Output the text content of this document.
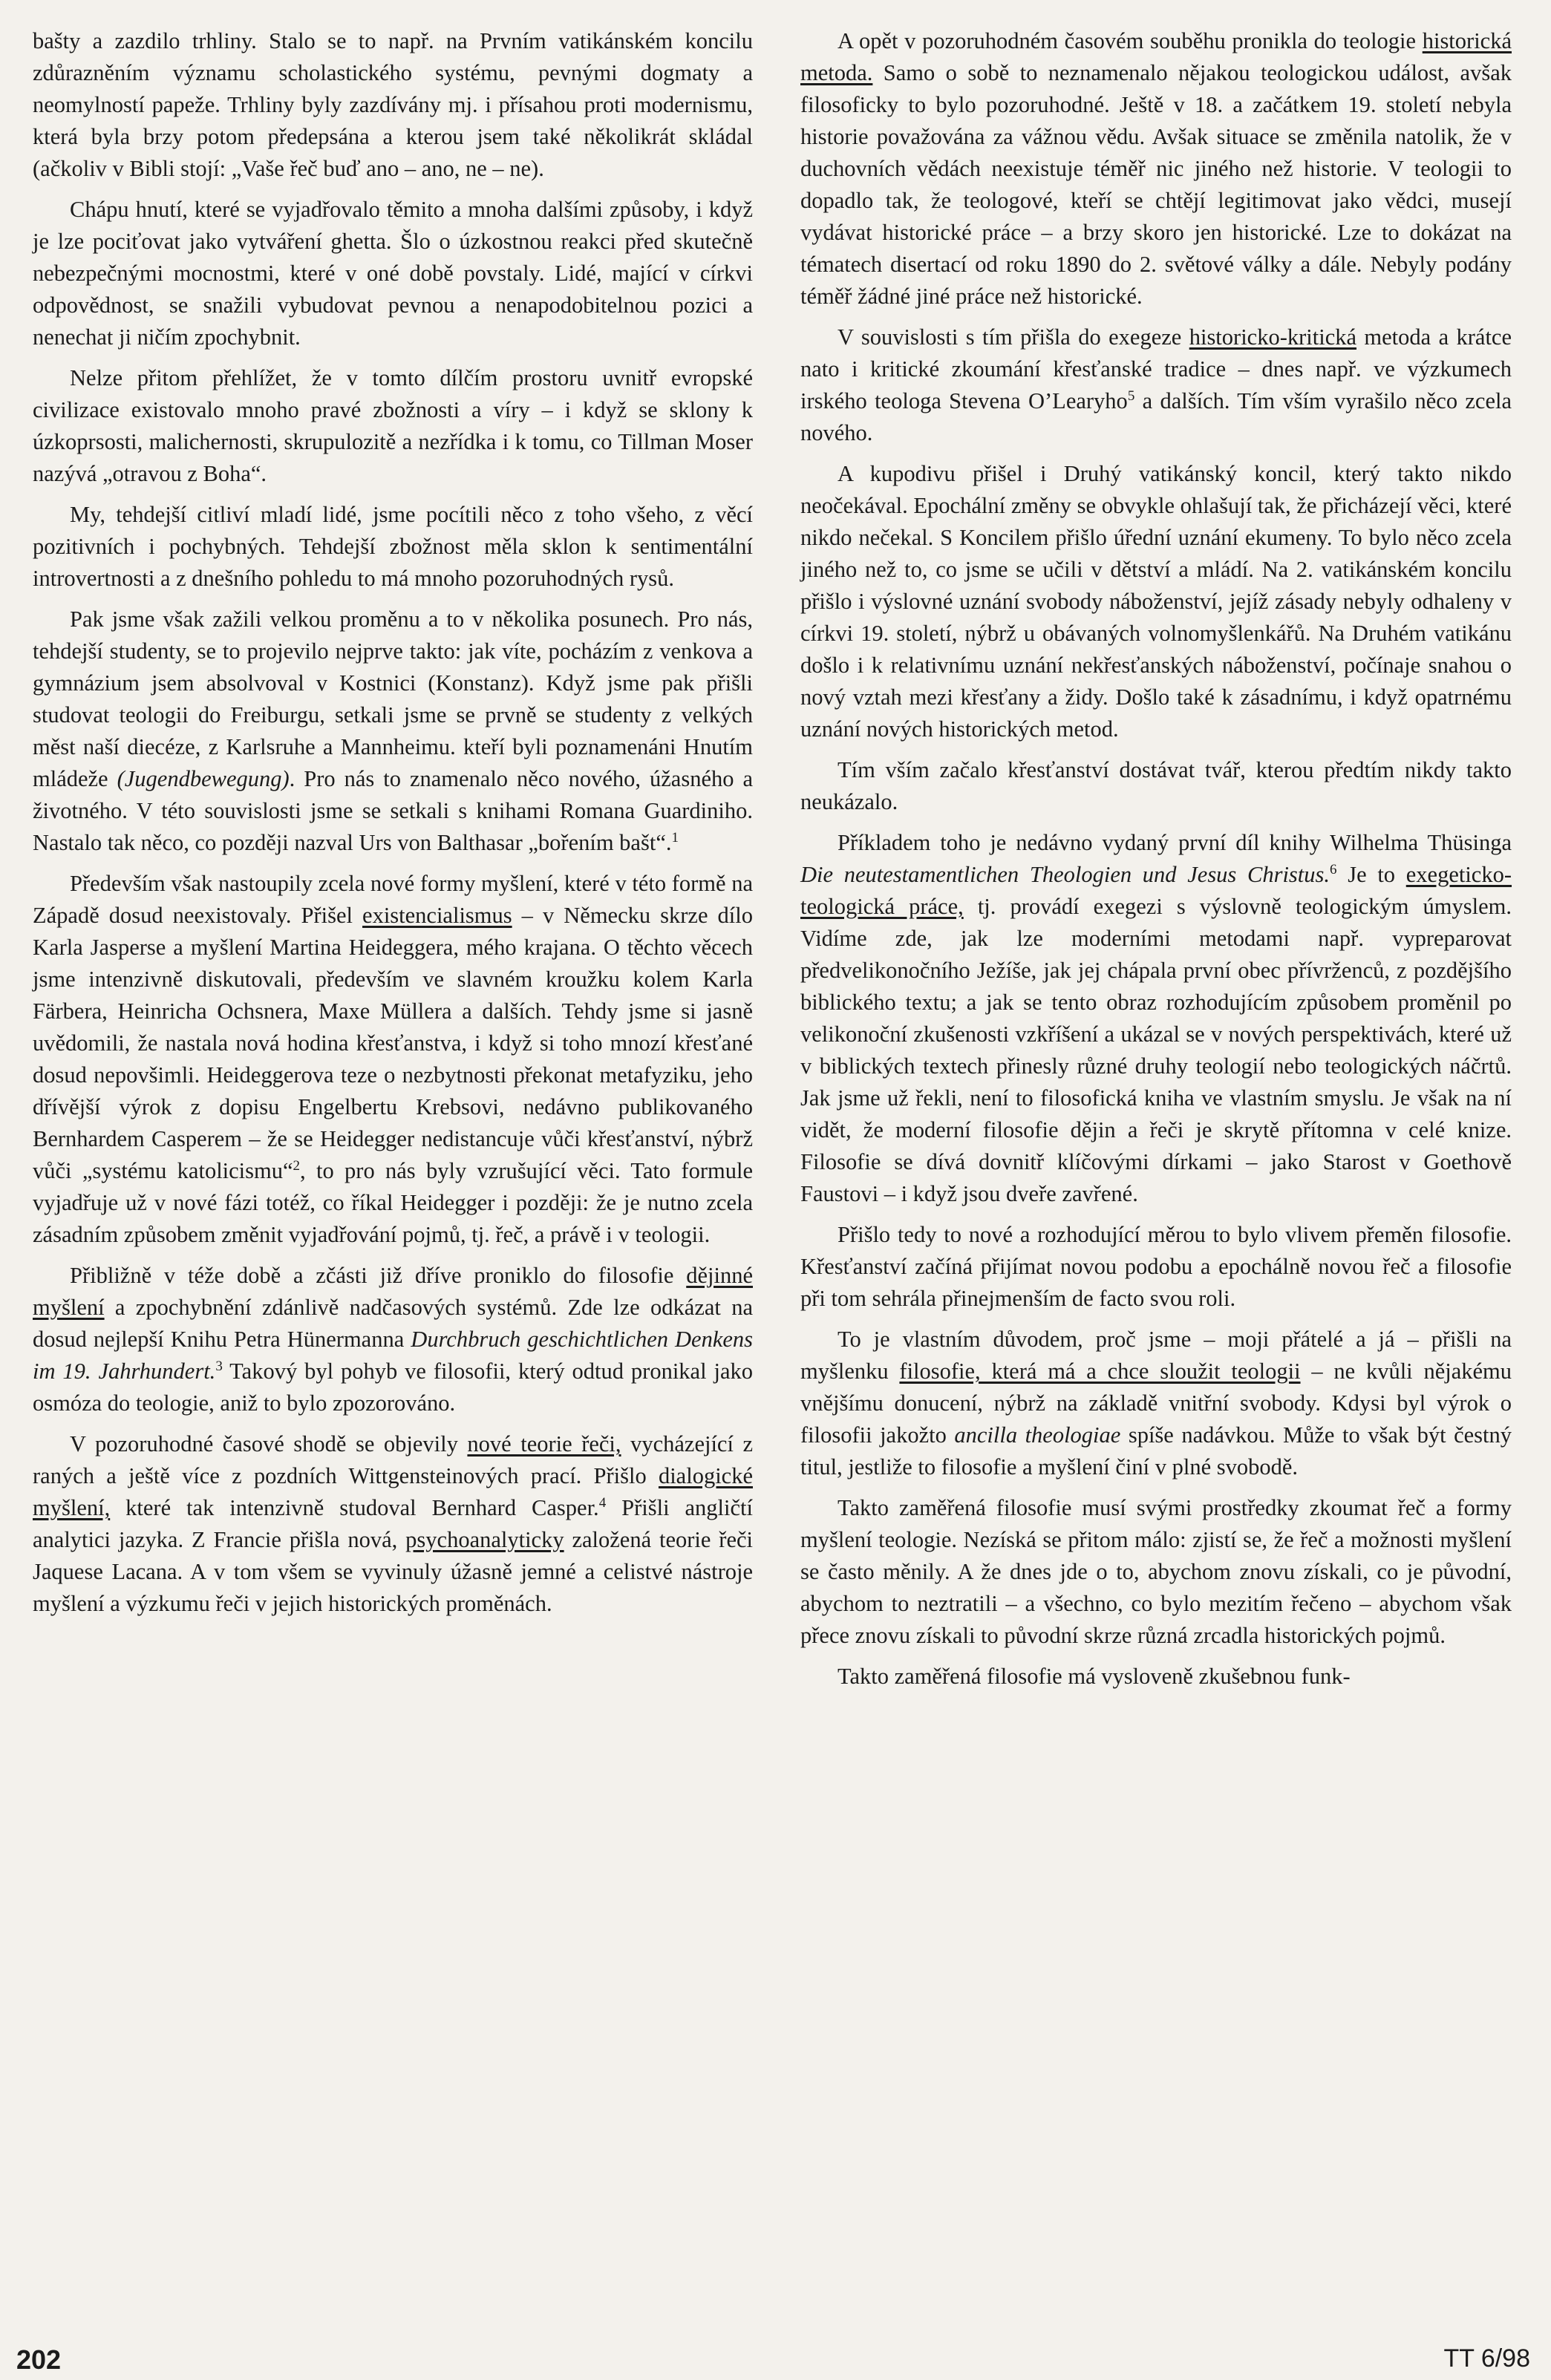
bašty a zazdilo trhliny. Stalo se to např. na Prvním vatikánském koncilu zdůrazněním významu scholastického systému, pevnými dogmaty a neomylností papeže. Trhliny byly zazdívány mj. i přísahou proti modernismu, která byla brzy potom předepsána a kterou jsem také několikrát skládal (ačkoliv v Bibli stojí: „Vaše řeč buď ano – ano, ne – ne).

Chápu hnutí, které se vyjadřovalo těmito a mnoha dalšími způsoby, i když je lze pociťovat jako vytváření ghetta. Šlo o úzkostnou reakci před skutečně nebezpečnými mocnostmi, které v oné době povstaly. Lidé, mající v církvi odpovědnost, se snažili vybudovat pevnou a nenapodobitelnou pozici a nenechat ji ničím zpochybnit.

Nelze přitom přehlížet, že v tomto dílčím prostoru uvnitř evropské civilizace existovalo mnoho pravé zbožnosti a víry – i když se sklony k úzkoprsosti, malichernosti, skrupulozitě a nezřídka i k tomu, co Tillman Moser nazývá „otravou z Boha“.

My, tehdejší citliví mladí lidé, jsme pocítili něco z toho všeho, z věcí pozitivních i pochybných. Tehdejší zbožnost měla sklon k sentimentální introvertnosti a z dnešního pohledu to má mnoho pozoruhodných rysů.

Pak jsme však zažili velkou proměnu a to v několika posunech. Pro nás, tehdejší studenty, se to projevilo nejprve takto: jak víte, pocházím z venkova a gymnázium jsem absolvoval v Kostnici (Konstanz). Když jsme pak přišli studovat teologii do Freiburgu, setkali jsme se prvně se studenty z velkých měst naší diecéze, z Karlsruhe a Mannheimu. kteří byli poznamenáni Hnutím mládeže (Jugendbewegung). Pro nás to znamenalo něco nového, úžasného a životného. V této souvislosti jsme se setkali s knihami Romana Guardiniho. Nastalo tak něco, co později nazval Urs von Balthasar „bořením bašt“.$^1$

Především však nastoupily zcela nové formy myšlení, které v této formě na Západě dosud neexistovaly. Přišel existencialismus – v Německu skrze dílo Karla Jasperse a myšlení Martina Heideggera, mého krajana. O těchto věcech jsme intenzivně diskutovali, především ve slavném kroužku kolem Karla Färbera, Heinricha Ochsnera, Maxe Müllera a dalších. Tehdy jsme si jasně uvědomili, že nastala nová hodina křesťanstva, i když si toho mnozí křesťané dosud nepovšimli. Heideggerova teze o nezbytnosti překonat metafyziku, jeho dřívější výrok z dopisu Engelbertu Krebsovi, nedávno publikovaného Bernhardem Casperem – že se Heidegger nedistancuje vůči křesťanství, nýbrž vůči „systému katolicismu“$^2$, to pro nás byly vzrušující věci. Tato formule vyjadřuje už v nové fázi totéž, co říkal Heidegger i později: že je nutno zcela zásadním způsobem změnit vyjadřování pojmů, tj. řeč, a právě i v teologii.

Přibližně v téže době a zčásti již dříve proniklo do filosofie dějinné myšlení a zpochybnění zdánlivě nadčasových systémů. Zde lze odkázat na dosud nejlepší Knihu Petra Hünermanna Durchbruch geschichtlichen Denkens im 19. Jahrhundert.$^3$ Takový byl pohyb ve filosofii, který odtud pronikal jako osmóza do teologie, aniž to bylo zpozorováno.

V pozoruhodné časové shodě se objevily nové teorie řeči, vycházející z raných a ještě více z pozdních Wittgensteinových prací. Přišlo dialogické myšlení, které tak intenzivně studoval Bernhard Casper.$^4$ Přišli angličtí analytici jazyka. Z Francie přišla nová, psychoanalyticky založená teorie řeči Jaquese Lacana. A v tom všem se vyvinuly úžasně jemné a celistvé nástroje myšlení a výzkumu řeči v jejich historických proměnách.

A opět v pozoruhodném časovém souběhu pronikla do teologie historická metoda. Samo o sobě to neznamenalo nějakou teologickou událost, avšak filosoficky to bylo pozoruhodné. Ještě v 18. a začátkem 19. století nebyla historie považována za vážnou vědu. Avšak situace se změnila natolik, že v duchovních vědách neexistuje téměř nic jiného než historie. V teologii to dopadlo tak, že teologové, kteří se chtějí legitimovat jako vědci, musejí vydávat historické práce – a brzy skoro jen historické. Lze to dokázat na tématech disertací od roku 1890 do 2. světové války a dále. Nebyly podány téměř žádné jiné práce než historické.

V souvislosti s tím přišla do exegeze historicko-kritická metoda a krátce nato i kritické zkoumání křesťanské tradice – dnes např. ve výzkumech irského teologa Stevena O’Learyho$^5$ a dalších. Tím vším vyrašilo něco zcela nového.

A kupodivu přišel i Druhý vatikánský koncil, který takto nikdo neočekával. Epochální změny se obvykle ohlašují tak, že přicházejí věci, které nikdo nečekal. S Koncilem přišlo úřední uznání ekumeny. To bylo něco zcela jiného než to, co jsme se učili v dětství a mládí. Na 2. vatikánském koncilu přišlo i výslovné uznání svobody náboženství, jejíž zásady nebyly odhaleny v církvi 19. století, nýbrž u obávaných volnomyšlenkářů. Na Druhém vatikánu došlo i k relativnímu uznání nekřesťanských náboženství, počínaje snahou o nový vztah mezi křesťany a židy. Došlo také k zásadnímu, i když opatrnému uznání nových historických metod.

Tím vším začalo křesťanství dostávat tvář, kterou předtím nikdy takto neukázalo.

Příkladem toho je nedávno vydaný první díl knihy Wilhelma Thüsinga Die neutestamentlichen Theologien und Jesus Christus.$^6$ Je to exegeticko-teologická práce, tj. provádí exegezi s výslovně teologickým úmyslem. Vidíme zde, jak lze moderními metodami např. vypreparovat předvelikonočního Ježíše, jak jej chápala první obec přívrženců, z pozdějšího biblického textu; a jak se tento obraz rozhodujícím způsobem proměnil po velikonoční zkušenosti vzkříšení a ukázal se v nových perspektivách, které už v biblických textech přinesly různé druhy teologií nebo teologických náčrtů. Jak jsme už řekli, není to filosofická kniha ve vlastním smyslu. Je však na ní vidět, že moderní filosofie dějin a řeči je skrytě přítomna v celé knize. Filosofie se dívá dovnitř klíčovými dírkami – jako Starost v Goethově Faustovi – i když jsou dveře zavřené.

Přišlo tedy to nové a rozhodující měrou to bylo vlivem přeměn filosofie. Křesťanství začíná přijímat novou podobu a epochálně novou řeč a filosofie při tom sehrála přinejmenším de facto svou roli.

To je vlastním důvodem, proč jsme – moji přátelé a já – přišli na myšlenku filosofie, která má a chce sloužit teologii – ne kvůli nějakému vnějšímu donucení, nýbrž na základě vnitřní svobody. Kdysi byl výrok o filosofii jakožto ancilla theologiae spíše nadávkou. Může to však být čestný titul, jestliže to filosofie a myšlení činí v plné svobodě.

Takto zaměřená filosofie musí svými prostředky zkoumat řeč a formy myšlení teologie. Nezíská se přitom málo: zjistí se, že řeč a možnosti myšlení se často měnily. A že dnes jde o to, abychom znovu získali, co je původní, abychom to neztratili – a všechno, co bylo mezitím řečeno – abychom však přece znovu získali to původní skrze různá zrcadla historických pojmů.

Takto zaměřená filosofie má vysloveně zkušebnou funk-

202	TT 6/98
